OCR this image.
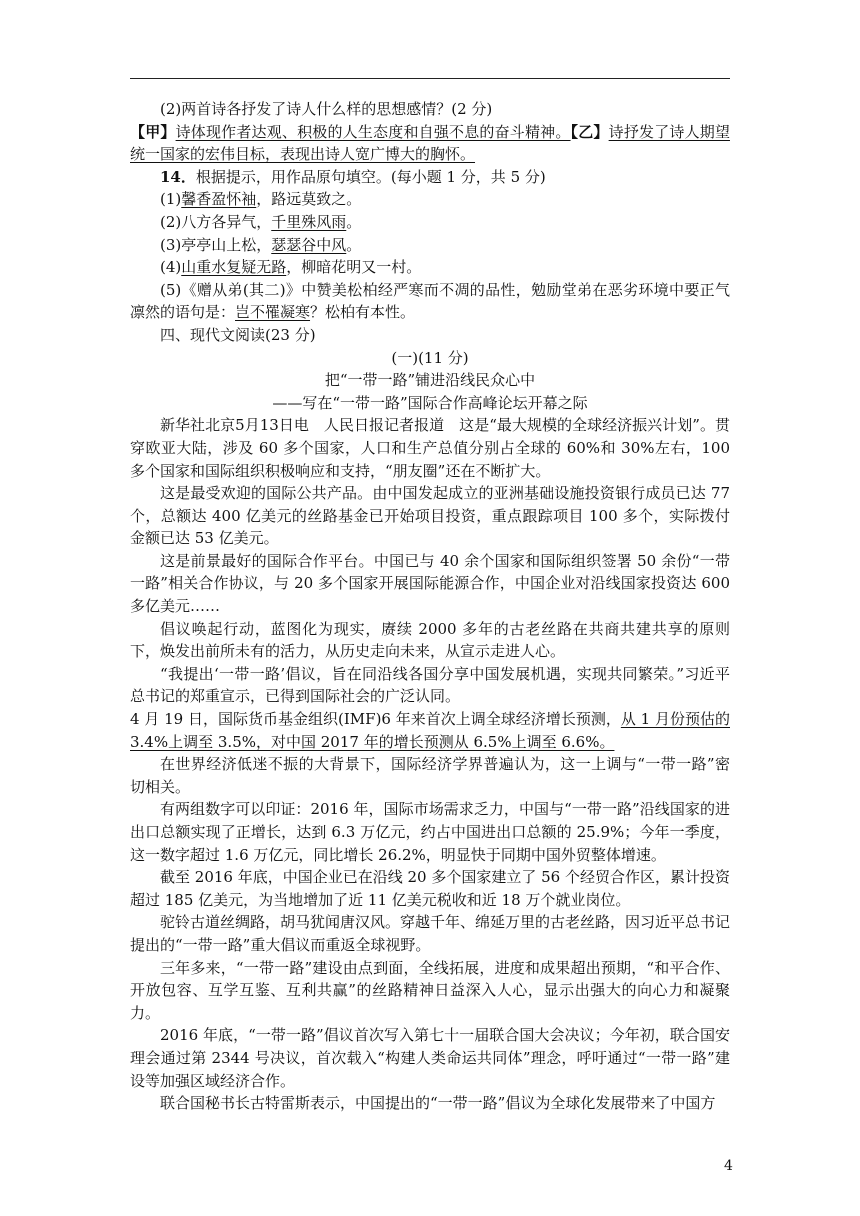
(2)两首诗各抒发了诗人什么样的思想感情？(2 分)

【甲】诗体现作者达观、积极的人生态度和自强不息的奋斗精神。【乙】诗抒发了诗人期望统一国家的宏伟目标，表现出诗人宽广博大的胸怀。

14．根据提示，用作品原句填空。(每小题 1 分，共 5 分)

(1)馨香盈怀袖，路远莫致之。

(2)八方各异气，千里殊风雨。

(3)亭亭山上松，瑟瑟谷中风。

(4)山重水复疑无路，柳暗花明又一村。

(5)《赠从弟(其二)》中赞美松柏经严寒而不凋的品性，勉励堂弟在恶劣环境中要正气凛然的语句是：岂不罹凝寒？松柏有本性。

四、现代文阅读(23 分)

(一)(11 分)

把“一带一路”铺进沿线民众心中

——写在“一带一路”国际合作高峰论坛开幕之际

新华社北京5月13日电　人民日报记者报道　这是“最大规模的全球经济振兴计划”。贯穿欧亚大陆，涉及 60 多个国家，人口和生产总值分别占全球的 60%和 30%左右，100 多个国家和国际组织积极响应和支持，“朋友圈”还在不断扩大。

这是最受欢迎的国际公共产品。由中国发起成立的亚洲基础设施投资银行成员已达 77 个，总额达 400 亿美元的丝路基金已开始项目投资，重点跟踪项目 100 多个，实际拨付金额已达 53 亿美元。

这是前景最好的国际合作平台。中国已与 40 余个国家和国际组织签署 50 余份“一带一路”相关合作协议，与 20 多个国家开展国际能源合作，中国企业对沿线国家投资达 600 多亿美元……

倡议唤起行动，蓝图化为现实，赓续 2000 多年的古老丝路在共商共建共享的原则下，焕发出前所未有的活力，从历史走向未来，从宣示走进人心。

“我提出‘一带一路’倡议，旨在同沿线各国分享中国发展机遇，实现共同繁荣。”习近平总书记的郑重宣示，已得到国际社会的广泛认同。

4 月 19 日，国际货币基金组织(IMF)6 年来首次上调全球经济增长预测，从 1 月份预估的 3.4%上调至 3.5%，对中国 2017 年的增长预测从 6.5%上调至 6.6%。

在世界经济低迷不振的大背景下，国际经济学界普遍认为，这一上调与“一带一路”密切相关。

有两组数字可以印证：2016 年，国际市场需求乏力，中国与“一带一路”沿线国家的进出口总额实现了正增长，达到 6.3 万亿元，约占中国进出口总额的 25.9%；今年一季度，这一数字超过 1.6 万亿元，同比增长 26.2%，明显快于同期中国外贸整体增速。

截至 2016 年底，中国企业已在沿线 20 多个国家建立了 56 个经贸合作区，累计投资超过 185 亿美元，为当地增加了近 11 亿美元税收和近 18 万个就业岗位。

驼铃古道丝绸路，胡马犹闻唐汉风。穿越千年、绵延万里的古老丝路，因习近平总书记提出的“一带一路”重大倡议而重返全球视野。

三年多来，“一带一路”建设由点到面，全线拓展，进度和成果超出预期，“和平合作、开放包容、互学互鉴、互利共赢”的丝路精神日益深入人心，显示出强大的向心力和凝聚力。

2016 年底，“一带一路”倡议首次写入第七十一届联合国大会决议；今年初，联合国安理会通过第 2344 号决议，首次载入“构建人类命运共同体”理念，呼吁通过“一带一路”建设等加强区域经济合作。

联合国秘书长古特雷斯表示，中国提出的“一带一路”倡议为全球化发展带来了中国方

4
